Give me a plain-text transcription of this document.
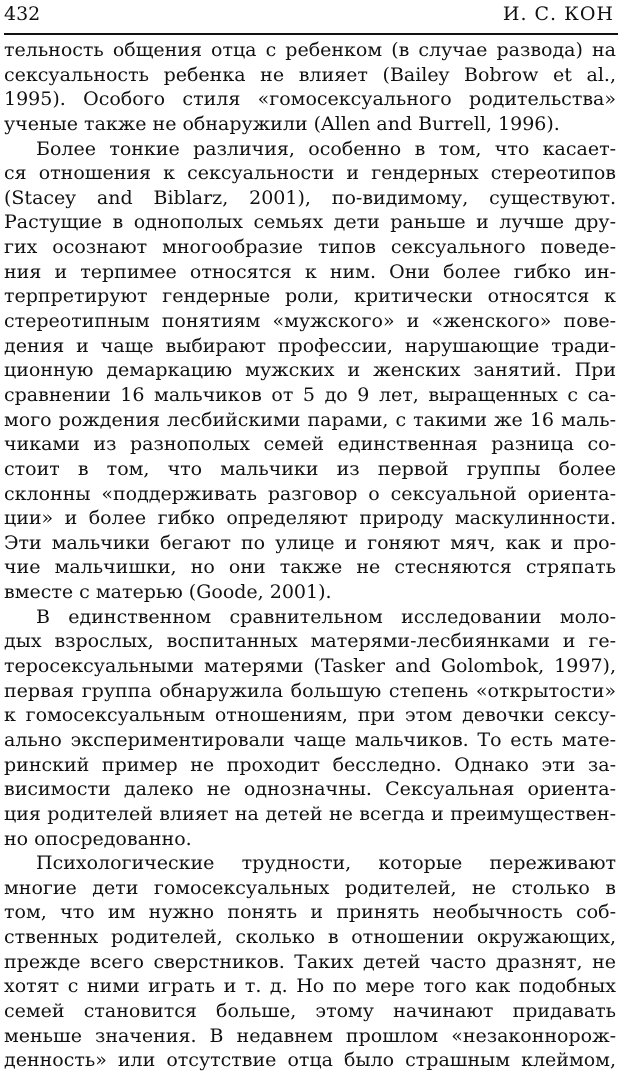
432	И. С. КОН
тельность общения отца с ребенком (в случае развода) на
сексуальность ребенка не влияет (Bailey Bobrow et al.,
1995). Особого стиля «гомосексуального родительства»
ученые также не обнаружили (Allen and Burrell, 1996).
Более тонкие различия, особенно в том, что касает-
ся отношения к сексуальности и гендерных стереотипов
(Stacey and Biblarz, 2001), по-видимому, существуют.
Растущие в однополых семьях дети раньше и лучше дру-
гих осознают многообразие типов сексуального поведе-
ния и терпимее относятся к ним. Они более гибко ин-
терпретируют гендерные роли, критически относятся к
стереотипным понятиям «мужского» и «женского» пове-
дения и чаще выбирают профессии, нарушающие тради-
ционную демаркацию мужских и женских занятий. При
сравнении 16 мальчиков от 5 до 9 лет, выращенных с са-
мого рождения лесбийскими парами, с такими же 16 маль-
чиками из разнополых семей единственная разница со-
стоит в том, что мальчики из первой группы более
склонны «поддерживать разговор о сексуальной ориента-
ции» и более гибко определяют природу маскулинности.
Эти мальчики бегают по улице и гоняют мяч, как и про-
чие мальчишки, но они также не стесняются стряпать
вместе с матерью (Goode, 2001).
В единственном сравнительном исследовании моло-
дых взрослых, воспитанных матерями-лесбиянками и ге-
теросексуальными матерями (Tasker and Golombok, 1997),
первая группа обнаружила большую степень «открытости»
к гомосексуальным отношениям, при этом девочки сексу-
ально экспериментировали чаще мальчиков. То есть мате-
ринский пример не проходит бесследно. Однако эти за-
висимости далеко не однозначны. Сексуальная ориента-
ция родителей влияет на детей не всегда и преимуществен-
но опосредованно.
Психологические трудности, которые переживают
многие дети гомосексуальных родителей, не столько в
том, что им нужно понять и принять необычность соб-
ственных родителей, сколько в отношении окружающих,
прежде всего сверстников. Таких детей часто дразнят, не
хотят с ними играть и т. д. Но по мере того как подобных
семей становится больше, этому начинают придавать
меньше значения. В недавнем прошлом «незаконнорож-
денность» или отсутствие отца было страшным клеймом,
